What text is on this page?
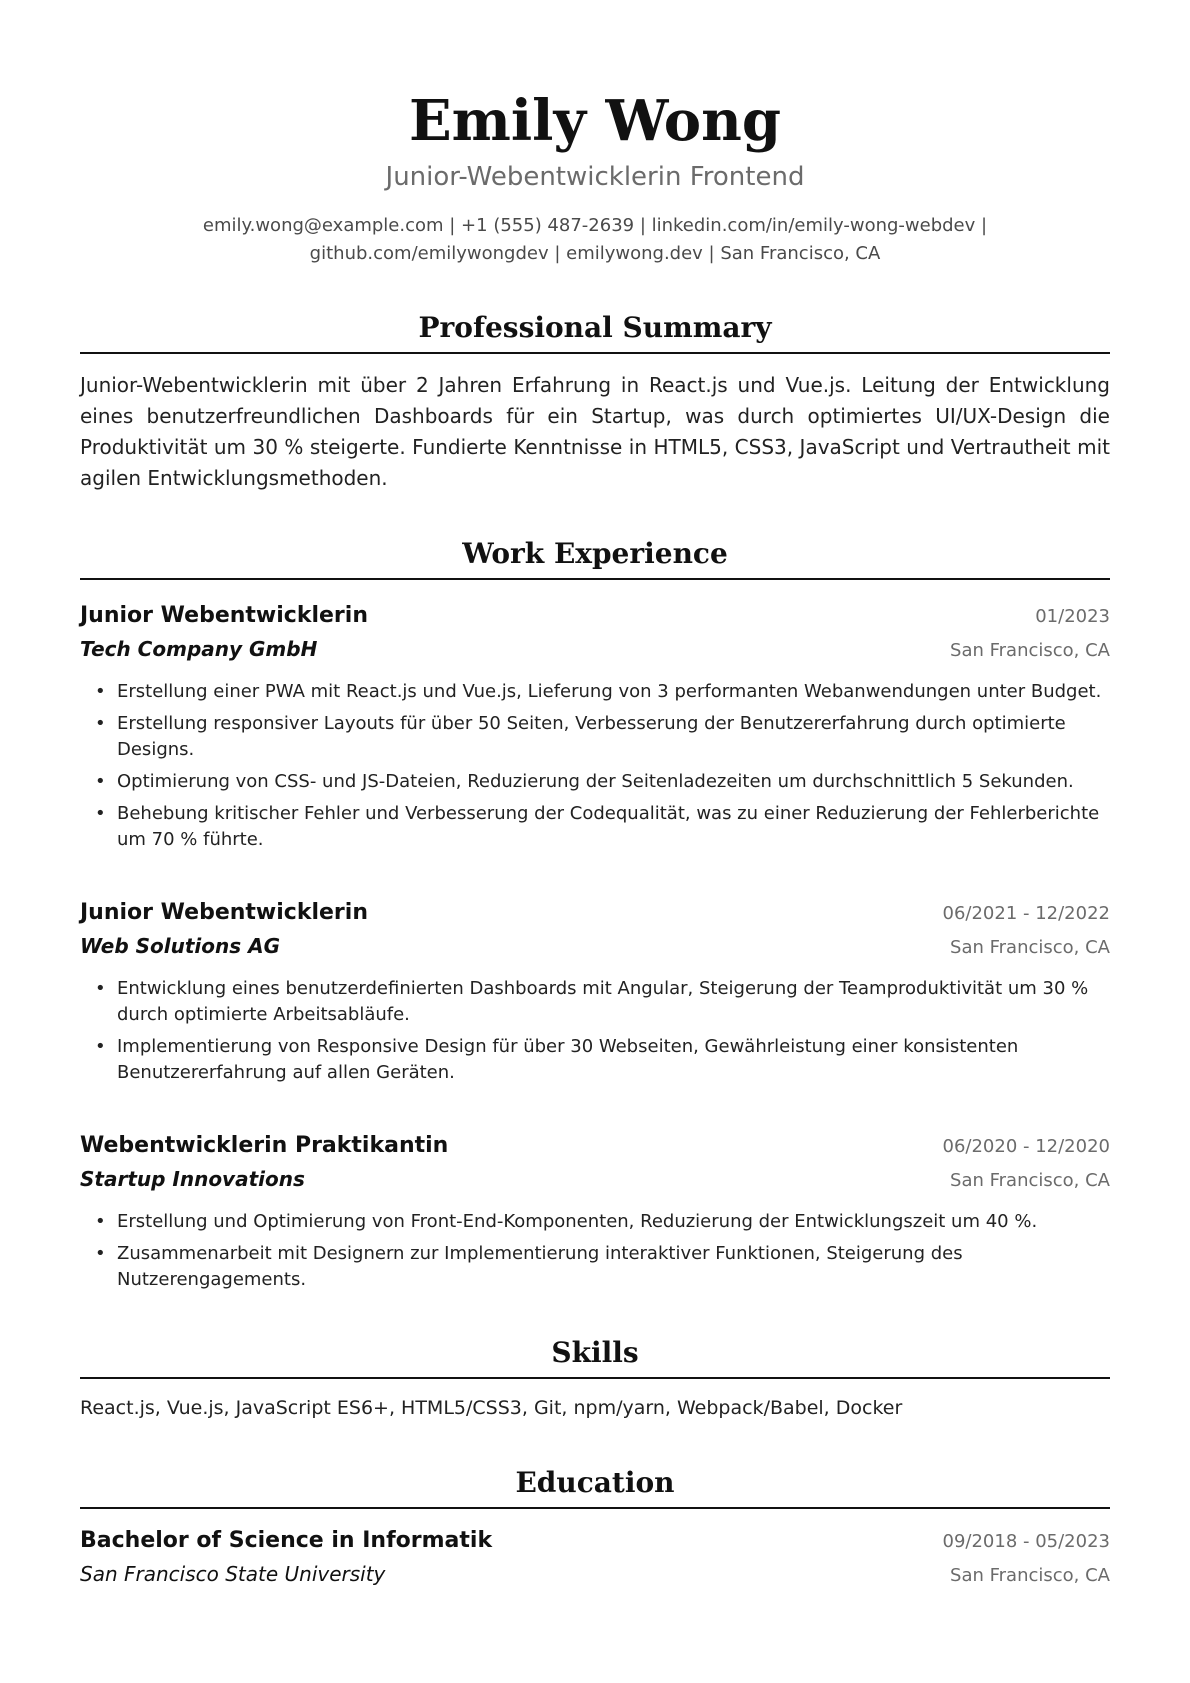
Emily Wong
Junior-Webentwicklerin Frontend
emily.wong@example.com | +1 (555) 487-2639 | linkedin.com/in/emily-wong-webdev |
github.com/emilywongdev | emilywong.dev | San Francisco, CA
Professional Summary
Junior-Webentwicklerin mit über 2 Jahren Erfahrung in React.js und Vue.js. Leitung der Entwicklung eines benutzerfreundlichen Dashboards für ein Startup, was durch optimiertes UI/UX-Design die Produktivität um 30 % steigerte. Fundierte Kenntnisse in HTML5, CSS3, JavaScript und Vertrautheit mit agilen Entwicklungsmethoden.
Work Experience
Junior Webentwicklerin	01/2023
Tech Company GmbH	San Francisco, CA
• Erstellung einer PWA mit React.js und Vue.js, Lieferung von 3 performanten Webanwendungen unter Budget.
• Erstellung responsiver Layouts für über 50 Seiten, Verbesserung der Benutzererfahrung durch optimierte Designs.
• Optimierung von CSS- und JS-Dateien, Reduzierung der Seitenladezeiten um durchschnittlich 5 Sekunden.
• Behebung kritischer Fehler und Verbesserung der Codequalität, was zu einer Reduzierung der Fehlerberichte um 70 % führte.
Junior Webentwicklerin	06/2021 - 12/2022
Web Solutions AG	San Francisco, CA
• Entwicklung eines benutzerdefinierten Dashboards mit Angular, Steigerung der Teamproduktivität um 30 % durch optimierte Arbeitsabläufe.
• Implementierung von Responsive Design für über 30 Webseiten, Gewährleistung einer konsistenten Benutzererfahrung auf allen Geräten.
Webentwicklerin Praktikantin	06/2020 - 12/2020
Startup Innovations	San Francisco, CA
• Erstellung und Optimierung von Front-End-Komponenten, Reduzierung der Entwicklungszeit um 40 %.
• Zusammenarbeit mit Designern zur Implementierung interaktiver Funktionen, Steigerung des Nutzerengagements.
Skills
React.js, Vue.js, JavaScript ES6+, HTML5/CSS3, Git, npm/yarn, Webpack/Babel, Docker
Education
Bachelor of Science in Informatik	09/2018 - 05/2023
San Francisco State University	San Francisco, CA
